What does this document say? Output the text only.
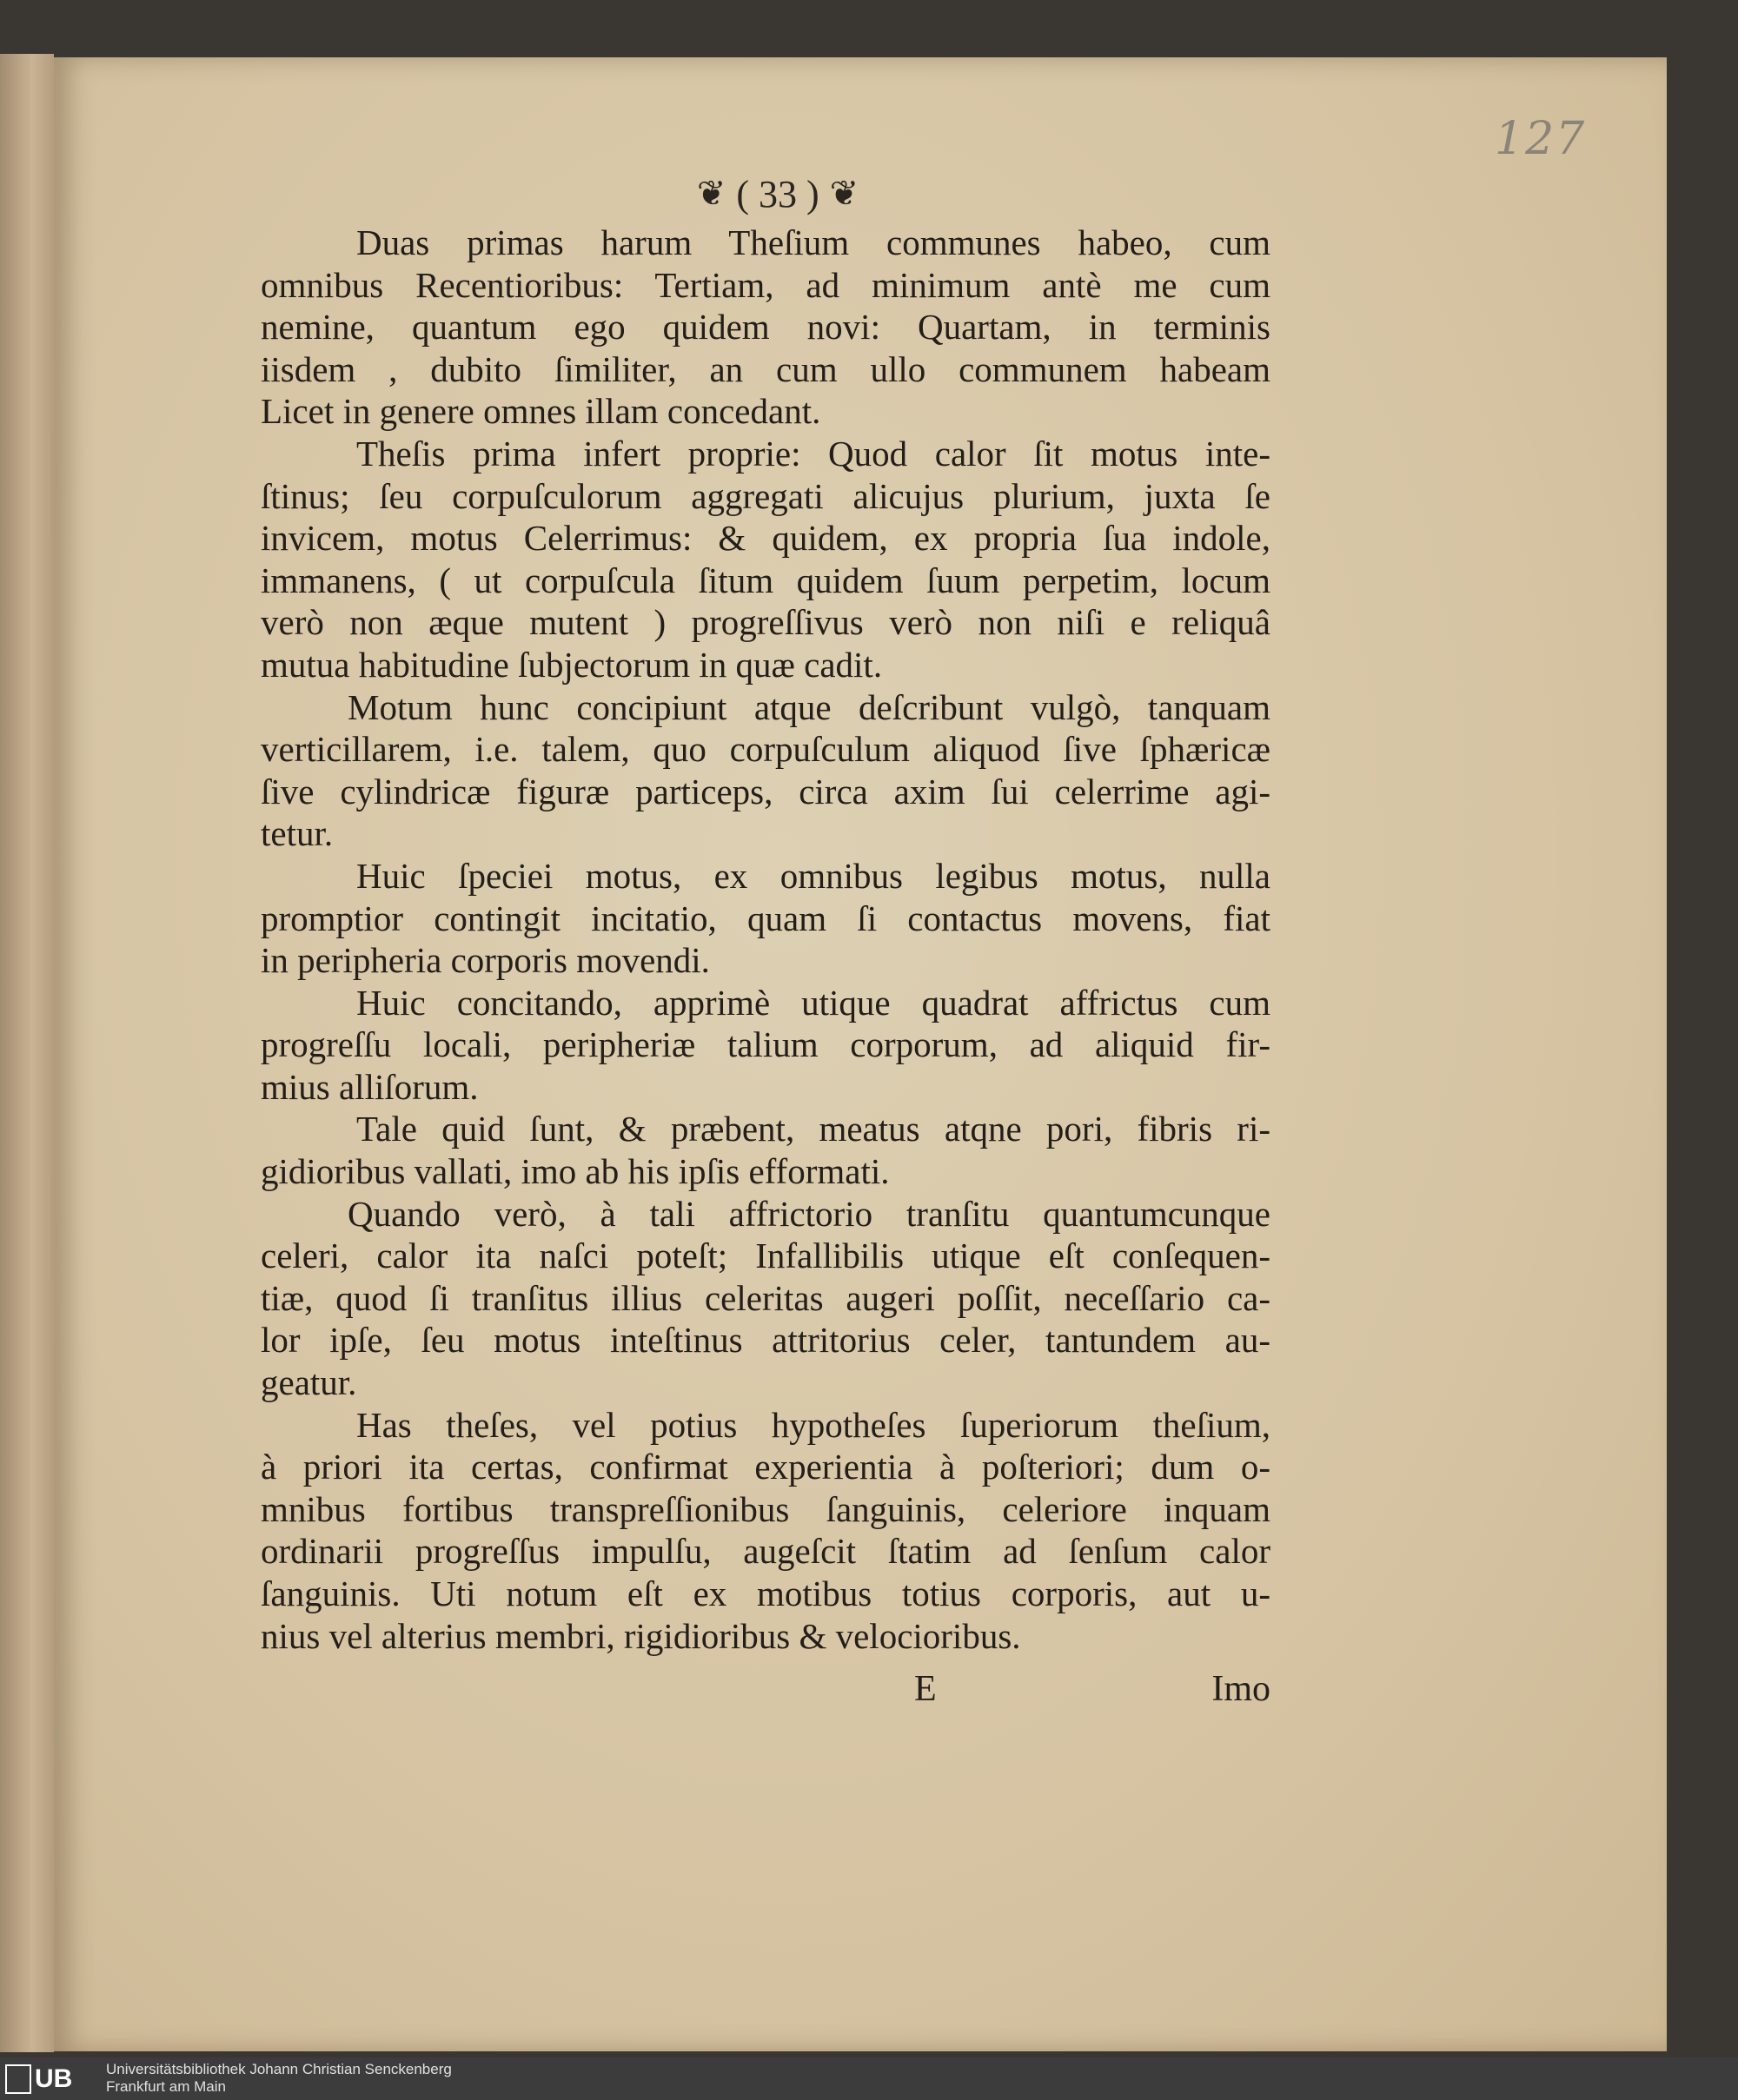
127
❦ ( 33 ) ❦
Duas primas harum Theſium communes habeo, cum
omnibus Recentioribus: Tertiam, ad minimum antè me cum
nemine, quantum ego quidem novi: Quartam, in terminis
iisdem , dubito ſimiliter, an cum ullo communem habeam
Licet in genere omnes illam concedant.
Theſis prima infert proprie: Quod calor ſit motus inte-
ſtinus; ſeu corpuſculorum aggregati alicujus plurium, juxta ſe
invicem, motus Celerrimus: & quidem, ex propria ſua indole,
immanens, ( ut corpuſcula ſitum quidem ſuum perpetim, locum
verò non æque mutent ) progreſſivus verò non niſi e reliquâ
mutua habitudine ſubjectorum in quæ cadit.
Motum hunc concipiunt atque deſcribunt vulgò, tanquam
verticillarem, i.e. talem, quo corpuſculum aliquod ſive ſphæricæ
ſive cylindricæ figuræ particeps, circa axim ſui celerrime agi-
tetur.
Huic ſpeciei motus, ex omnibus legibus motus, nulla
promptior contingit incitatio, quam ſi contactus movens, fiat
in peripheria corporis movendi.
Huic concitando, apprimè utique quadrat affrictus cum
progreſſu locali, peripheriæ talium corporum, ad aliquid fir-
mius alliſorum.
Tale quid ſunt, & præbent, meatus atqne pori, fibris ri-
gidioribus vallati, imo ab his ipſis efformati.
Quando verò, à tali affrictorio tranſitu quantumcunque
celeri, calor ita naſci poteſt; Infallibilis utique eſt conſequen-
tiæ, quod ſi tranſitus illius celeritas augeri poſſit, neceſſario ca-
lor ipſe, ſeu motus inteſtinus attritorius celer, tantundem au-
geatur.
Has theſes, vel potius hypotheſes ſuperiorum theſium,
à priori ita certas, confirmat experientia à poſteriori; dum o-
mnibus fortibus transpreſſionibus ſanguinis, celeriore inquam
ordinarii progreſſus impulſu, augeſcit ſtatim ad ſenſum calor
ſanguinis. Uti notum eſt ex motibus totius corporis, aut u-
nius vel alterius membri, rigidioribus & velocioribus.
E	Imo
UB Universitätsbibliothek Johann Christian Senckenberg
Frankfurt am Main
